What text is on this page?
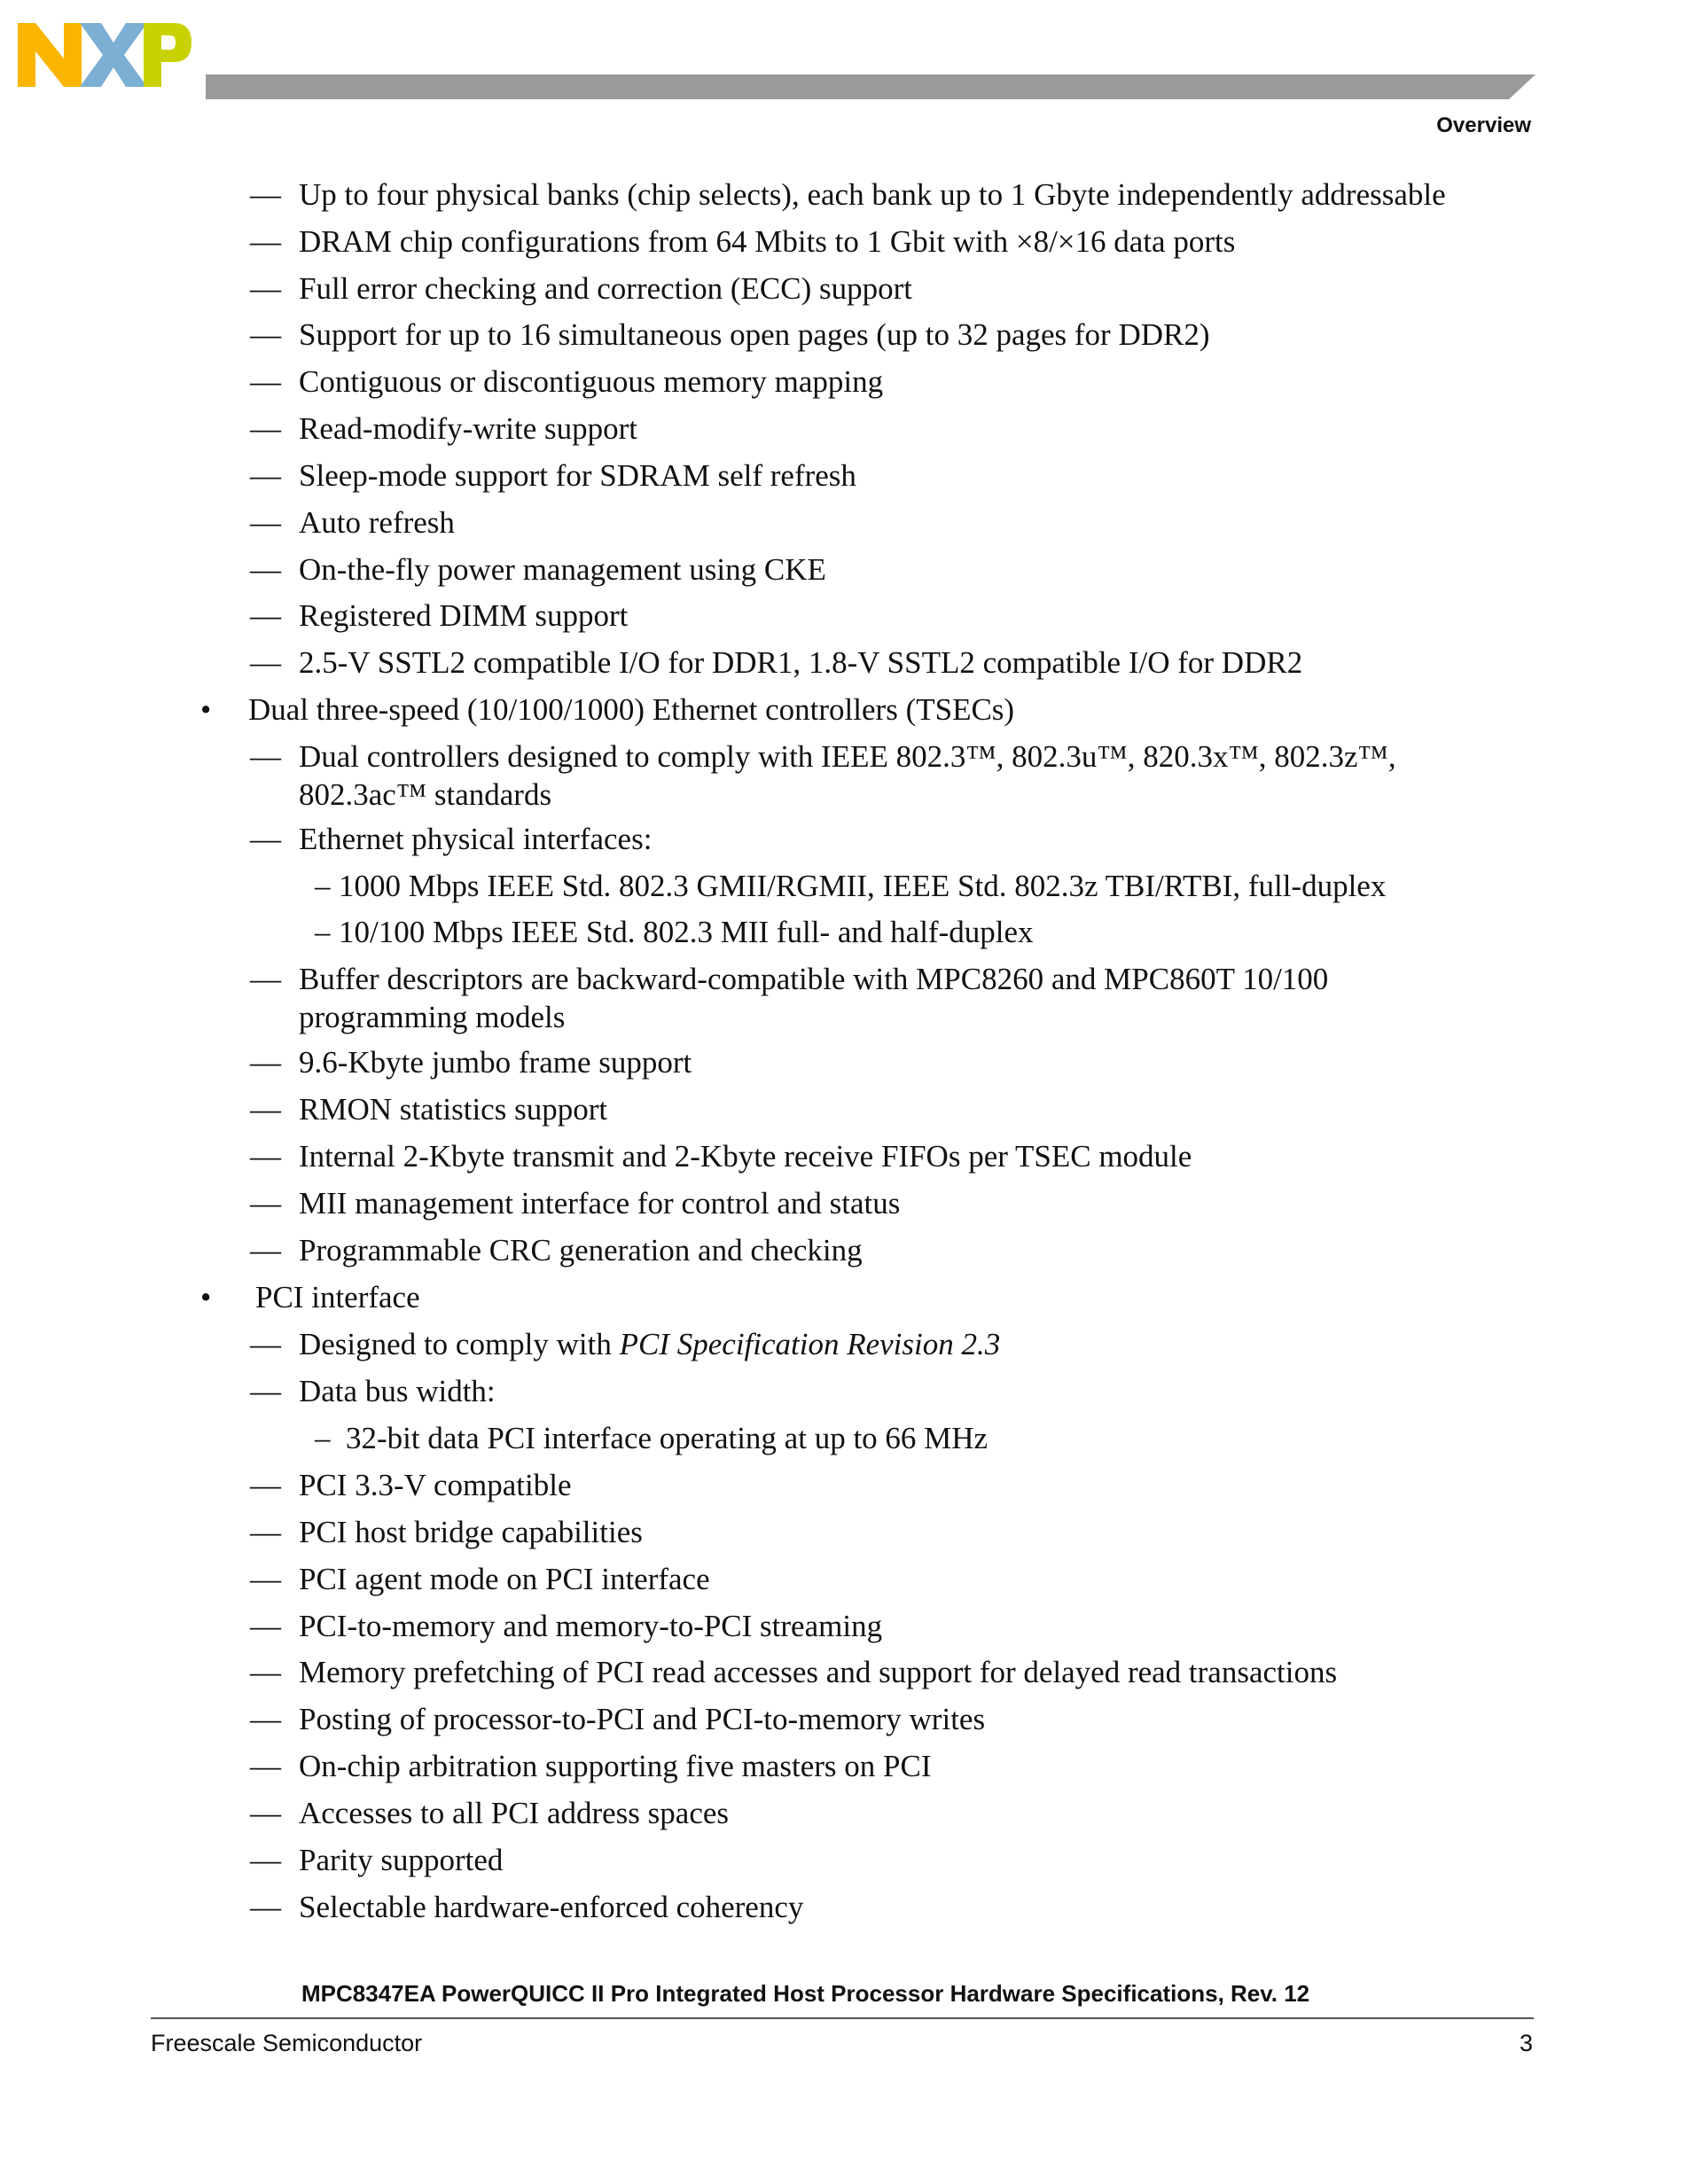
Overview
— Up to four physical banks (chip selects), each bank up to 1 Gbyte independently addressable
— DRAM chip configurations from 64 Mbits to 1 Gbit with ×8/×16 data ports
— Full error checking and correction (ECC) support
— Support for up to 16 simultaneous open pages (up to 32 pages for DDR2)
— Contiguous or discontiguous memory mapping
— Read-modify-write support
— Sleep-mode support for SDRAM self refresh
— Auto refresh
— On-the-fly power management using CKE
— Registered DIMM support
— 2.5-V SSTL2 compatible I/O for DDR1, 1.8-V SSTL2 compatible I/O for DDR2
• Dual three-speed (10/100/1000) Ethernet controllers (TSECs)
— Dual controllers designed to comply with IEEE 802.3™, 802.3u™, 820.3x™, 802.3z™,
802.3ac™ standards
— Ethernet physical interfaces:
– 1000 Mbps IEEE Std. 802.3 GMII/RGMII, IEEE Std. 802.3z TBI/RTBI, full-duplex
– 10/100 Mbps IEEE Std. 802.3 MII full- and half-duplex
— Buffer descriptors are backward-compatible with MPC8260 and MPC860T 10/100
programming models
— 9.6-Kbyte jumbo frame support
— RMON statistics support
— Internal 2-Kbyte transmit and 2-Kbyte receive FIFOs per TSEC module
— MII management interface for control and status
— Programmable CRC generation and checking
• PCI interface
— Designed to comply with PCI Specification Revision 2.3
— Data bus width:
– 32-bit data PCI interface operating at up to 66 MHz
— PCI 3.3-V compatible
— PCI host bridge capabilities
— PCI agent mode on PCI interface
— PCI-to-memory and memory-to-PCI streaming
— Memory prefetching of PCI read accesses and support for delayed read transactions
— Posting of processor-to-PCI and PCI-to-memory writes
— On-chip arbitration supporting five masters on PCI
— Accesses to all PCI address spaces
— Parity supported
— Selectable hardware-enforced coherency
MPC8347EA PowerQUICC II Pro Integrated Host Processor Hardware Specifications, Rev. 12
Freescale Semiconductor	3
